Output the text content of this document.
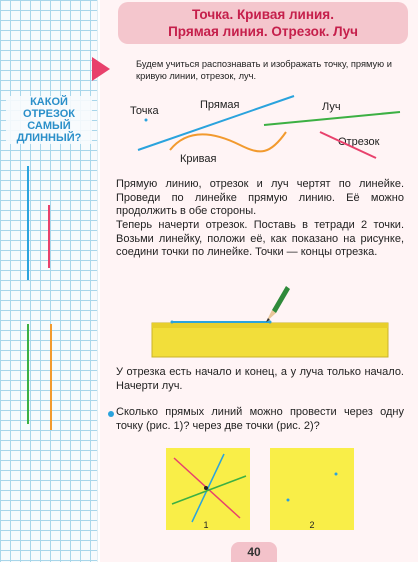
КАКОЙ
ОТРЕЗОК
САМЫЙ
ДЛИННЫЙ?
Точка. Кривая линия.
Прямая линия. Отрезок. Луч
Будем учиться распознавать и изображать точку, прямую и кривую линии, отрезок, луч.
Точка	Прямая	Луч
Отрезок
Кривая
Прямую линию, отрезок и луч чертят по линейке. Проведи по линейке прямую линию. Её можно продолжить в обе стороны.
Теперь начерти отрезок. Поставь в тетради 2 точки. Возьми линейку, положи её, как показано на рисунке, соедини точки по линейке. Точки — концы отрезка.
У отрезка есть начало и конец, а у луча только начало. Начерти луч.
Сколько прямых линий можно провести через одну точку (рис. 1)? через две точки (рис. 2)?
1	2
40
